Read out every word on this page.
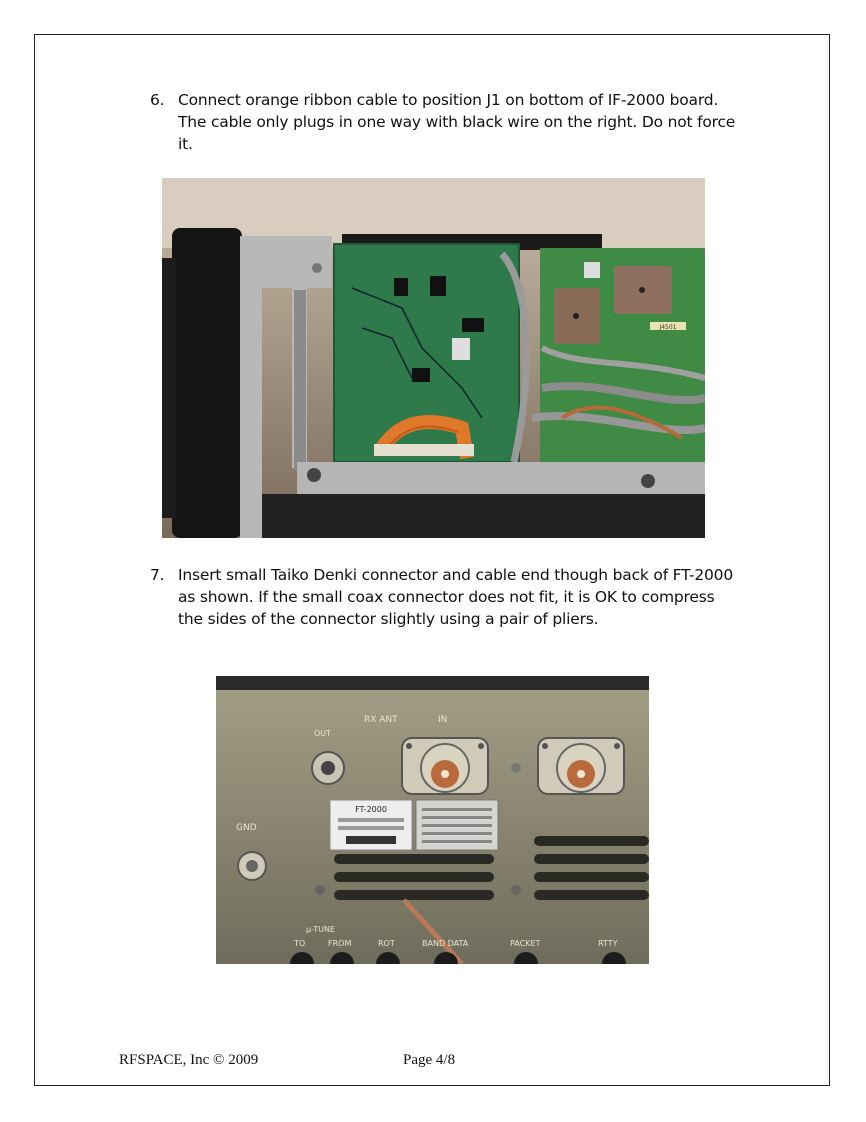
6. Connect orange ribbon cable to position J1 on bottom of IF-2000 board. The cable only plugs in one way with black wire on the right. Do not force it.
J4501
7. Insert small Taiko Denki connector and cable end though back of FT-2000 as shown. If the small coax connector does not fit, it is OK to compress the sides of the connector slightly using a pair of pliers.
RX ANT	IN
OUT
GND
FT-2000
µ-TUNE
TO	FROM	ROT	BAND DATA	PACKET	RTTY
RFSPACE, Inc © 2009	Page 4/8
